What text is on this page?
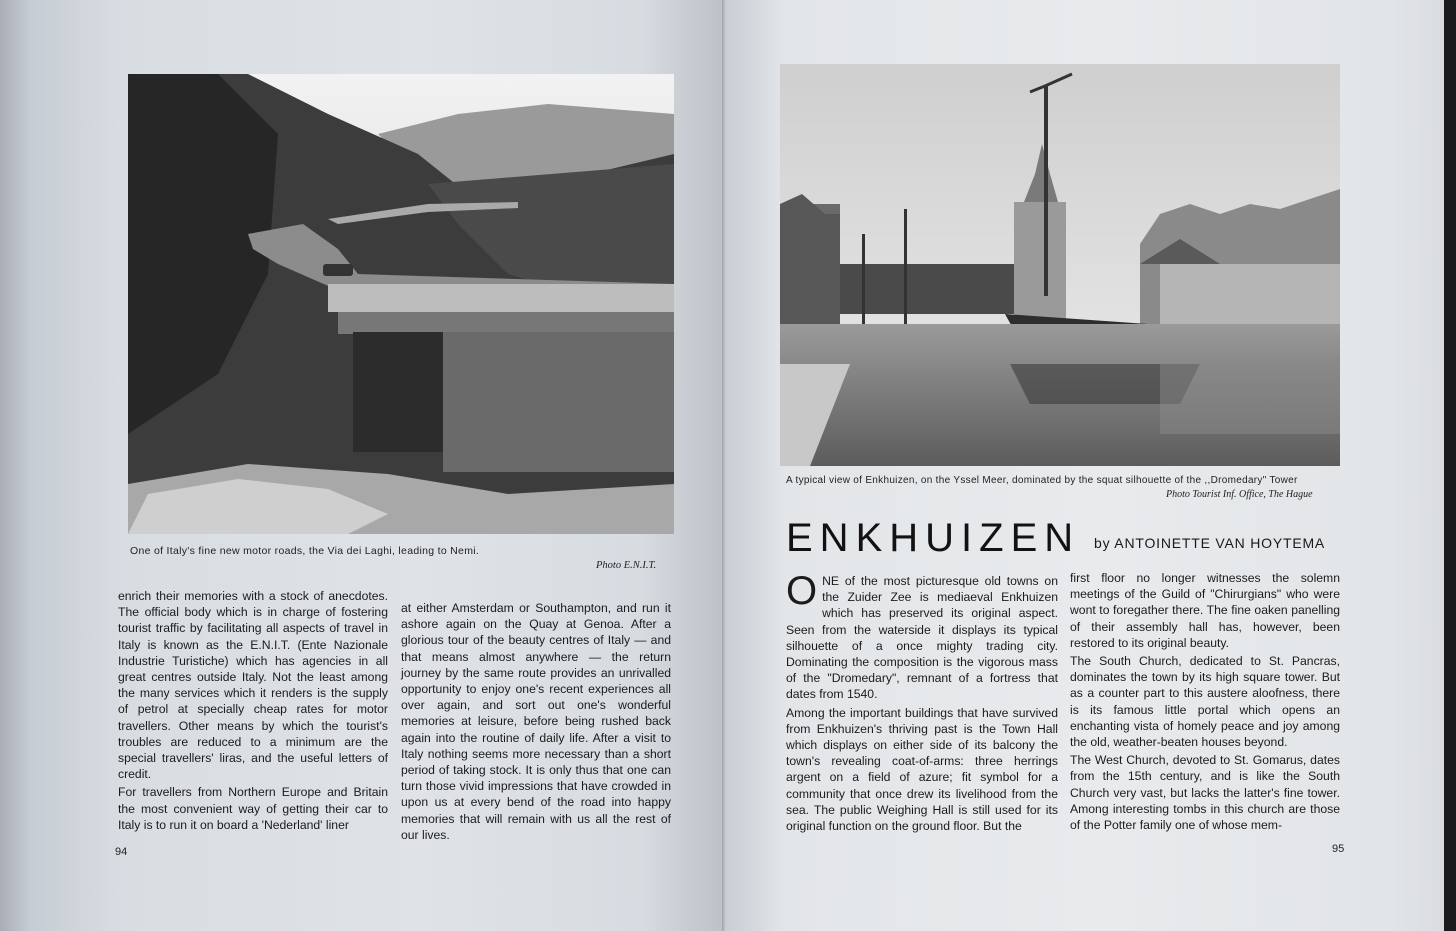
One of Italy's fine new motor roads, the Via dei Laghi, leading to Nemi.
Photo E.N.I.T.

enrich their memories with a stock of anecdotes. The official body which is in charge of fostering tourist traffic by facilitating all aspects of travel in Italy is known as the E.N.I.T. (Ente Nazionale Industrie Turistiche) which has agencies in all great centres outside Italy. Not the least among the many services which it renders is the supply of petrol at specially cheap rates for motor travellers. Other means by which the tourist's troubles are reduced to a minimum are the special travellers' liras, and the useful letters of credit.

For travellers from Northern Europe and Britain the most convenient way of getting their car to Italy is to run it on board a 'Nederland' liner

at either Amsterdam or Southampton, and run it ashore again on the Quay at Genoa. After a glorious tour of the beauty centres of Italy — and that means almost anywhere — the return journey by the same route provides an unrivalled opportunity to enjoy one's recent experiences all over again, and sort out one's wonderful memories at leisure, before being rushed back again into the routine of daily life. After a visit to Italy nothing seems more necessary than a short period of taking stock. It is only thus that one can turn those vivid impressions that have crowded in upon us at every bend of the road into happy memories that will remain with us all the rest of our lives.

94
A typical view of Enkhuizen, on the Yssel Meer, dominated by the squat silhouette of the ,,Dromedary" Tower
Photo Tourist Inf. Office, The Hague
ENKHUIZEN by ANTOINETTE VAN HOYTEMA

ONE of the most picturesque old towns on the Zuider Zee is mediaeval Enkhuizen which has preserved its original aspect. Seen from the waterside it displays its typical silhouette of a once mighty trading city. Dominating the composition is the vigorous mass of the "Dromedary", remnant of a fortress that dates from 1540.

Among the important buildings that have survived from Enkhuizen's thriving past is the Town Hall which displays on either side of its balcony the town's revealing coat-of-arms: three herrings argent on a field of azure; fit symbol for a community that once drew its livelihood from the sea. The public Weighing Hall is still used for its original function on the ground floor. But the

first floor no longer witnesses the solemn meetings of the Guild of "Chirurgians" who were wont to foregather there. The fine oaken panelling of their assembly hall has, however, been restored to its original beauty.

The South Church, dedicated to St. Pancras, dominates the town by its high square tower. But as a counter part to this austere aloofness, there is its famous little portal which opens an enchanting vista of homely peace and joy among the old, weather-beaten houses beyond.

The West Church, devoted to St. Gomarus, dates from the 15th century, and is like the South Church very vast, but lacks the latter's fine tower. Among interesting tombs in this church are those of the Potter family one of whose mem-

95
